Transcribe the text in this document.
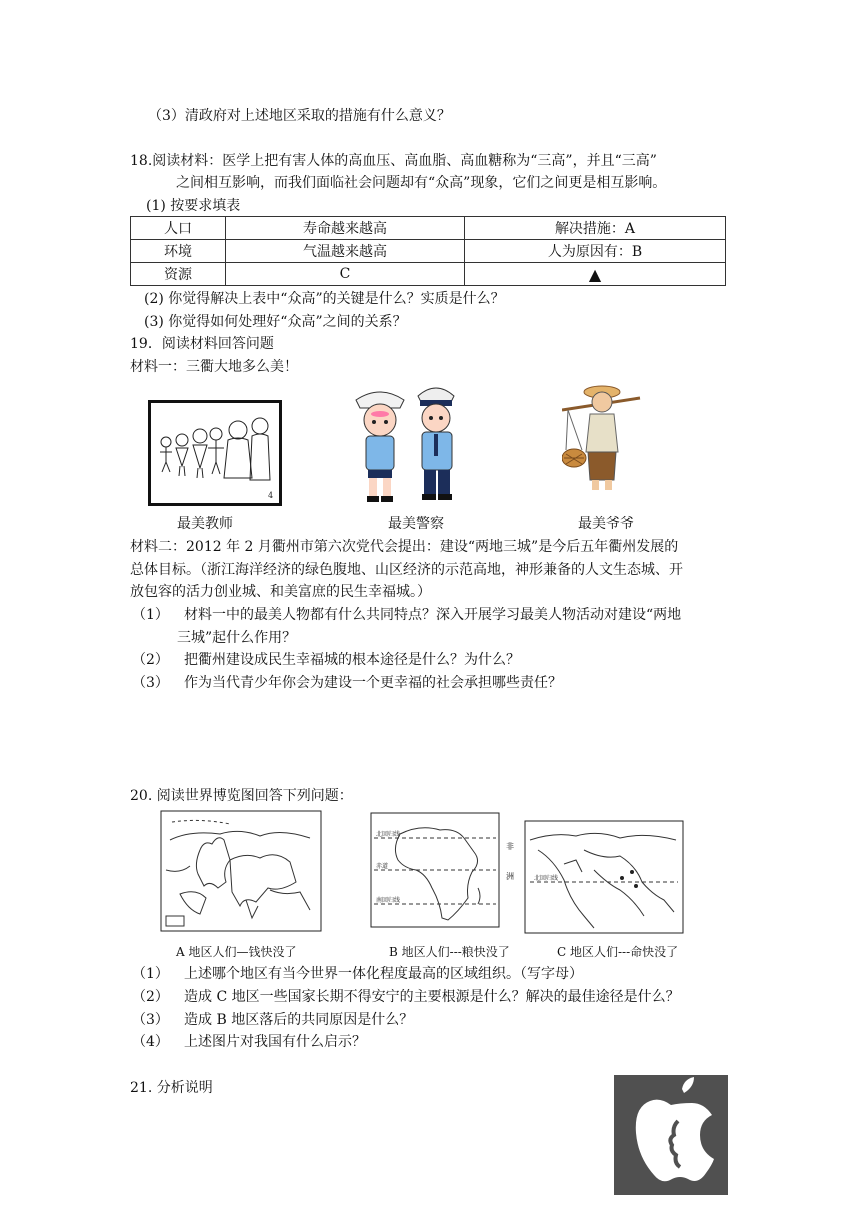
（3）清政府对上述地区采取的措施有什么意义？
18.阅读材料：医学上把有害人体的高血压、高血脂、高血糖称为“三高”，并且“三高”
之间相互影响，而我们面临社会问题却有“众高”现象，它们之间更是相互影响。
(1) 按要求填表
人口	寿命越来越高	解决措施：A
环境	气温越来越高	人为原因有：B
资源	C	▲
(2) 你觉得解决上表中“众高”的关键是什么？实质是什么？
(3) 你觉得如何处理好“众高”之间的关系？
19．阅读材料回答问题
材料一：三衢大地多么美！
4
最美教师	最美警察	最美爷爷
材料二：2012 年 2 月衢州市第六次党代会提出：建设“两地三城”是今后五年衢州发展的
总体目标。（浙江海洋经济的绿色腹地、山区经济的示范高地，神形兼备的人文生态城、开
放包容的活力创业城、和美富庶的民生幸福城。）
（1） 材料一中的最美人物都有什么共同特点？深入开展学习最美人物活动对建设“两地
三城”起什么作用？
（2） 把衢州建设成民生幸福城的根本途径是什么？为什么？
（3） 作为当代青少年你会为建设一个更幸福的社会承担哪些责任？
20. 阅读世界博览图回答下列问题：
北回归线
赤道
南回归线
非
洲	北回归线
A 地区人们—钱快没了	B 地区人们---粮快没了	C 地区人们---命快没了
（1） 上述哪个地区有当今世界一体化程度最高的区域组织。（写字母）
（2） 造成 C 地区一些国家长期不得安宁的主要根源是什么？解决的最佳途径是什么？
（3） 造成 B 地区落后的共同原因是什么？
（4） 上述图片对我国有什么启示？
21. 分析说明
